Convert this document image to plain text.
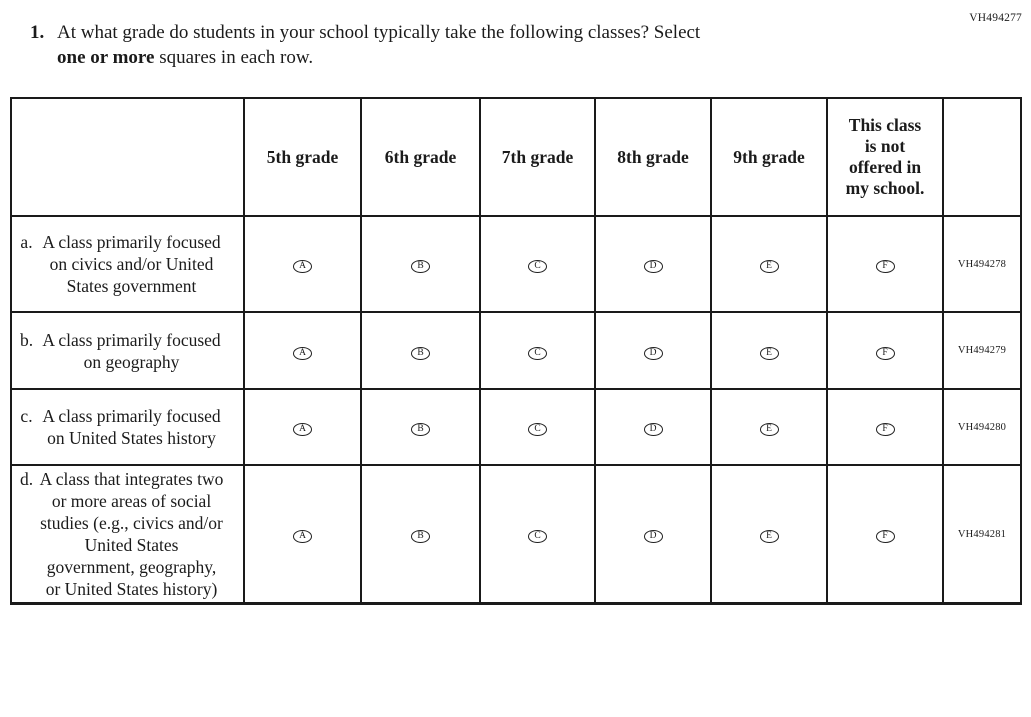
VH494277
1. At what grade do students in your school typically take the following classes? Select
one or more squares in each row.
	5th grade	6th grade	7th grade	8th grade	9th grade	This class is not offered in my school.	

a. A class primarily focused on civics and/or United States government	A	B	C	D	E	F	VH494278

b. A class primarily focused on geography	A	B	C	D	E	F	VH494279

c. A class primarily focused on United States history	A	B	C	D	E	F	VH494280

d. A class that integrates two or more areas of social studies (e.g., civics and/or United States government, geography, or United States history)	A	B	C	D	E	F	VH494281
